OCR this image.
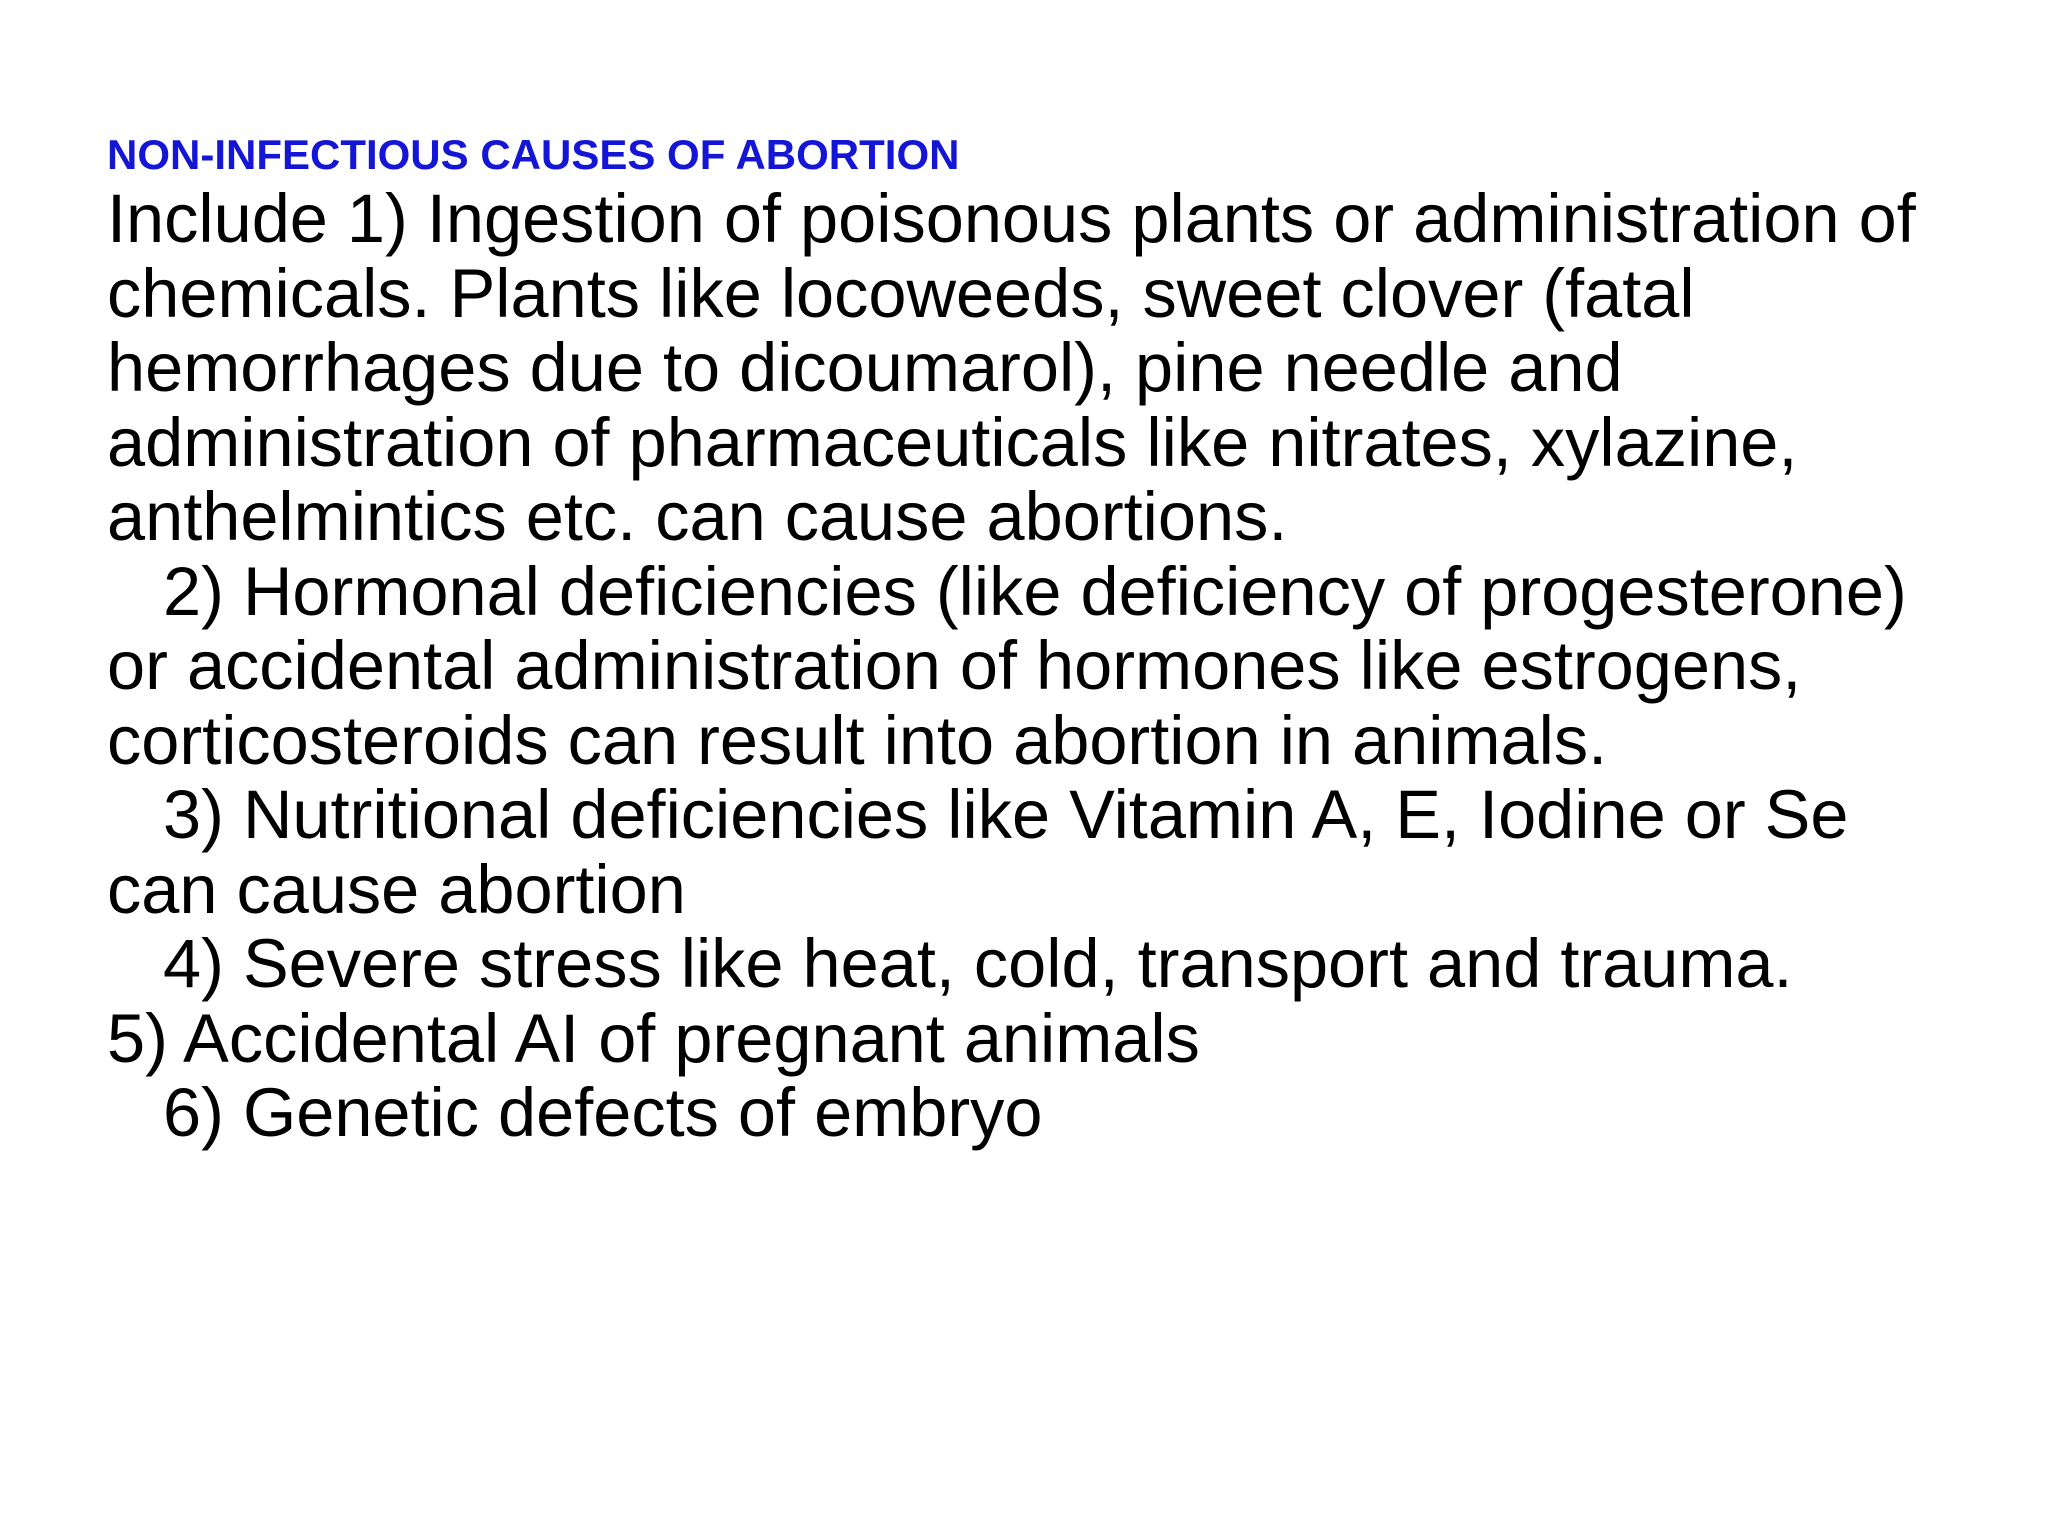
NON-INFECTIOUS CAUSES OF ABORTION
Include 1) Ingestion of poisonous plants or administration of
chemicals. Plants like locoweeds, sweet clover (fatal
hemorrhages due to dicoumarol), pine needle and
administration of pharmaceuticals like nitrates, xylazine,
anthelmintics etc. can cause abortions.
2) Hormonal deficiencies (like deficiency of progesterone)
or accidental administration of hormones like estrogens,
corticosteroids can result into abortion in animals.
3) Nutritional deficiencies like Vitamin A, E, Iodine or Se
can cause abortion
4) Severe stress like heat, cold, transport and trauma.
5) Accidental AI of pregnant animals
6) Genetic defects of embryo
